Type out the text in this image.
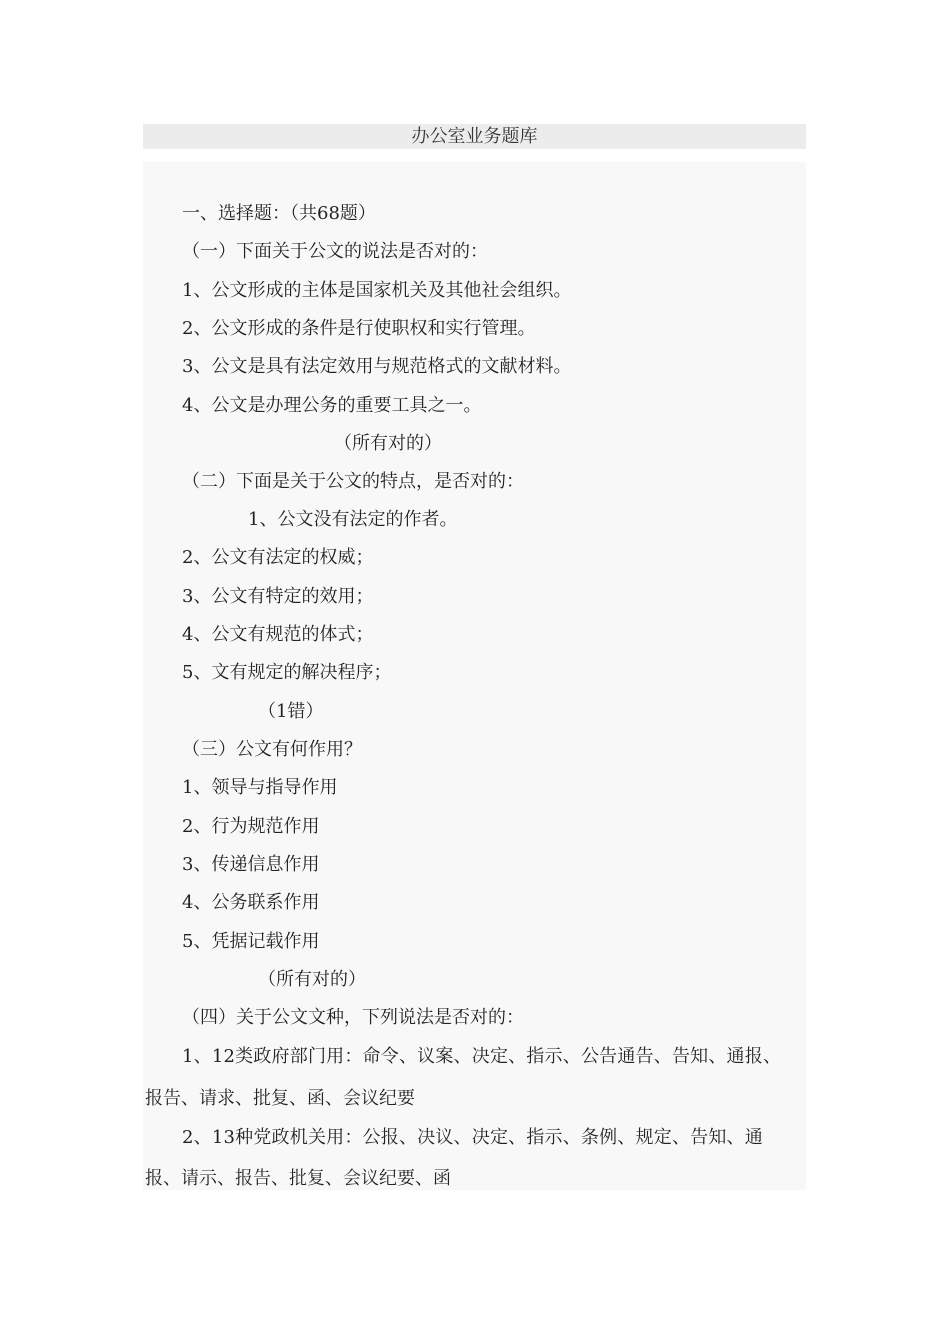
办公室业务题库
一、选择题：（共68题）
（一）下面关于公文的说法是否对的：
1、公文形成的主体是国家机关及其他社会组织。
2、公文形成的条件是行使职权和实行管理。
3、公文是具有法定效用与规范格式的文献材料。
4、公文是办理公务的重要工具之一。
（所有对的）
（二）下面是关于公文的特点，是否对的：
1、公文没有法定的作者。
2、公文有法定的权威；
3、公文有特定的效用；
4、公文有规范的体式；
5、文有规定的解决程序；
（1错）
（三）公文有何作用？
1、领导与指导作用
2、行为规范作用
3、传递信息作用
4、公务联系作用
5、凭据记载作用
（所有对的）
（四）关于公文文种，下列说法是否对的：
1、12类政府部门用：命令、议案、决定、指示、公告通告、告知、通报、
报告、请求、批复、函、会议纪要
2、13种党政机关用：公报、决议、决定、指示、条例、规定、告知、通
报、请示、报告、批复、会议纪要、函
